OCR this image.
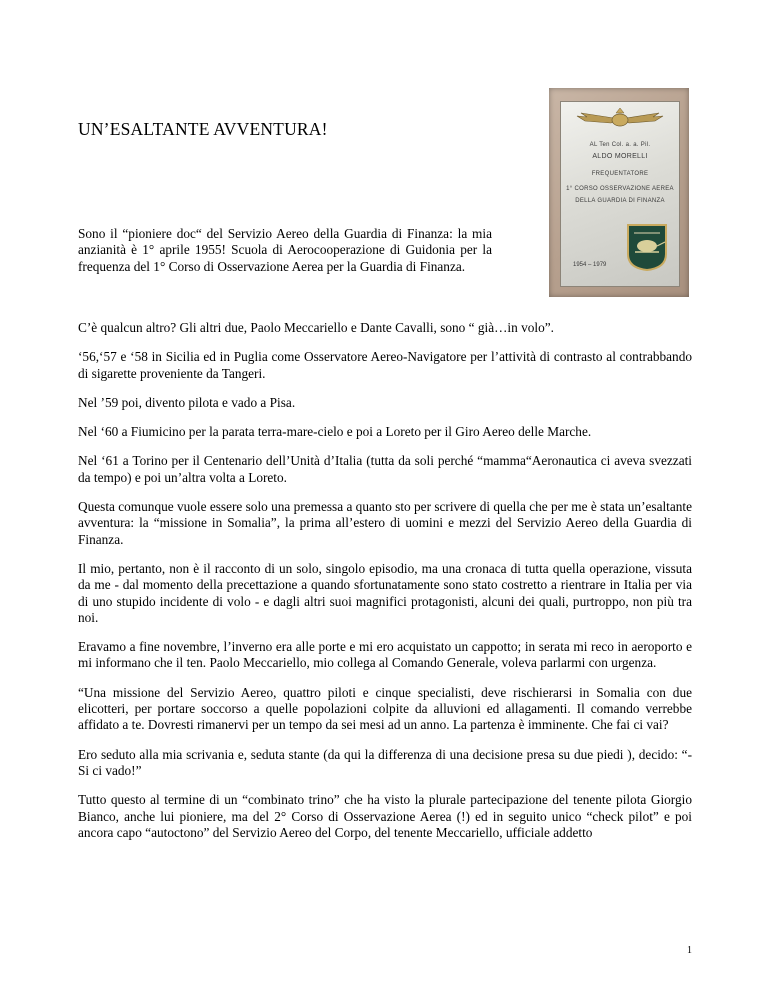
UN’ESALTANTE AVVENTURA!
Sono il “pioniere doc“ del Servizio Aereo della Guardia di Finanza: la mia anzianità è 1° aprile 1955! Scuola di Aerocooperazione di Guidonia per la frequenza del 1° Corso di Osservazione Aerea per la Guardia di Finanza.
AL Ten Col. a. a. Pil.
ALDO MORELLI
FREQUENTATORE
1° CORSO OSSERVAZIONE AEREA
DELLA GUARDIA DI FINANZA
1954 – 1979

C’è qualcun altro? Gli altri due, Paolo Meccariello e Dante Cavalli, sono “ già…in volo”.

‘56,‘57 e ‘58 in Sicilia ed in Puglia come Osservatore Aereo-Navigatore per l’attività di contrasto al contrabbando di sigarette proveniente da Tangeri.

Nel ’59 poi, divento pilota e vado a Pisa.

Nel ‘60 a Fiumicino per la parata terra-mare-cielo e poi a Loreto per il Giro Aereo delle Marche.

Nel ‘61 a Torino per il Centenario dell’Unità d’Italia (tutta da soli perché “mamma“Aeronautica ci aveva svezzati da tempo) e poi un’altra volta a Loreto.

Questa comunque vuole essere solo una premessa a quanto sto per scrivere di quella che per me è stata un’esaltante avventura: la “missione in Somalia”, la prima all’estero di uomini e mezzi del Servizio Aereo della Guardia di Finanza.

Il mio, pertanto, non è il racconto di un solo, singolo episodio, ma una cronaca di tutta quella operazione, vissuta da me - dal momento della precettazione a quando sfortunatamente sono stato costretto a rientrare in Italia per via di uno stupido incidente di volo - e dagli altri suoi magnifici protagonisti, alcuni dei quali, purtroppo, non più tra noi.

Eravamo a fine novembre, l’inverno era alle porte e mi ero acquistato un cappotto; in serata mi reco in aeroporto e mi informano che il ten. Paolo Meccariello, mio collega al Comando Generale, voleva parlarmi con urgenza.

“Una missione del Servizio Aereo, quattro piloti e cinque specialisti, deve rischierarsi in Somalia con due elicotteri, per portare soccorso a quelle popolazioni colpite da alluvioni ed allagamenti. Il comando verrebbe affidato a te. Dovresti rimanervi per un tempo da sei mesi ad un anno. La partenza è imminente. Che fai ci vai?

Ero seduto alla mia scrivania e, seduta stante (da qui la differenza di una decisione presa su due piedi ), decido: “-Si ci vado!”

Tutto questo al termine di un “combinato trino” che ha visto la plurale partecipazione del tenente pilota Giorgio Bianco, anche lui pioniere, ma del 2° Corso di Osservazione Aerea (!) ed in seguito unico “check pilot” e poi ancora capo “autoctono” del Servizio Aereo del Corpo, del tenente Meccariello, ufficiale addetto

1
